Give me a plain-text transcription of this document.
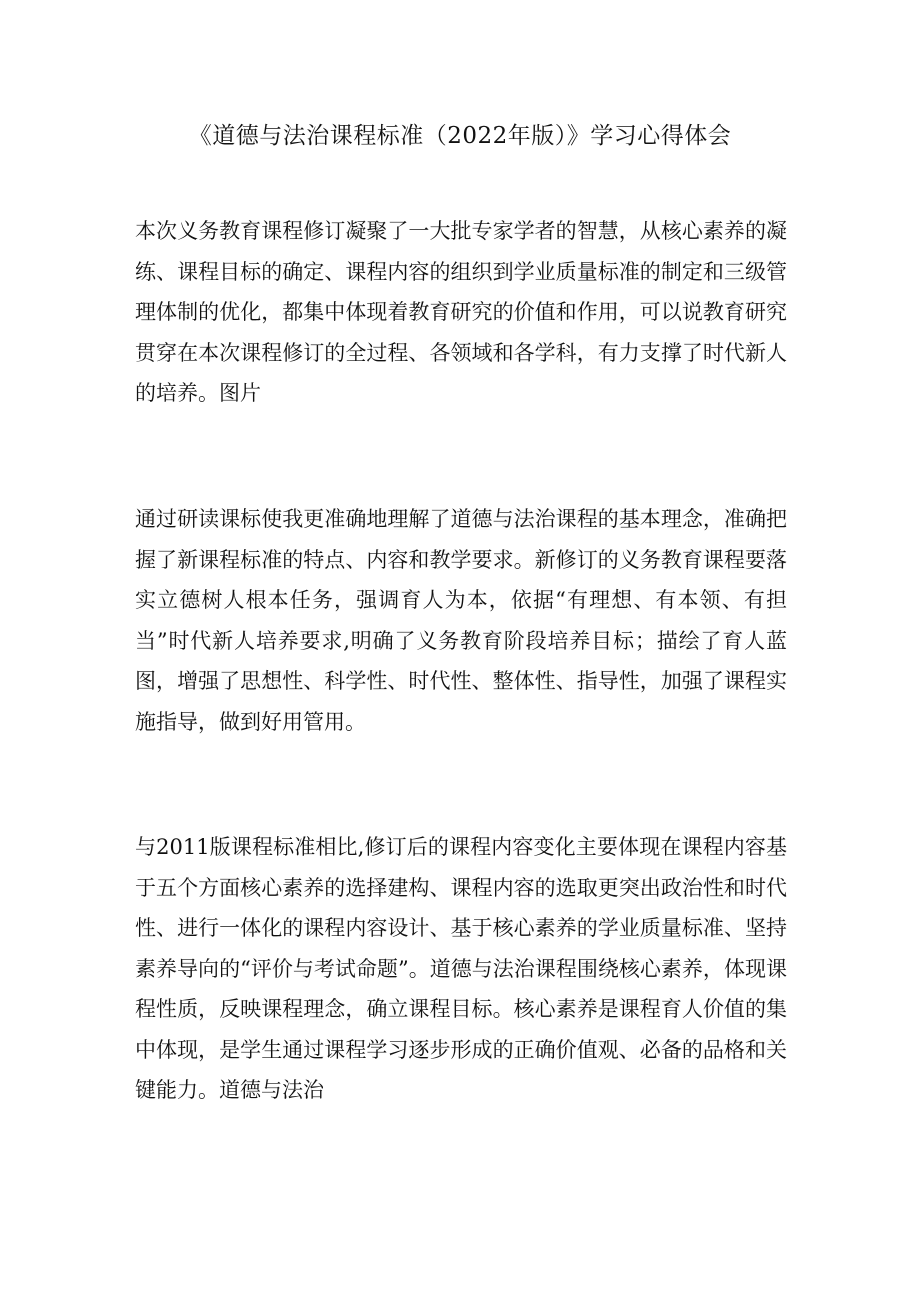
《道德与法治课程标准（2022年版）》学习心得体会

本次义务教育课程修订凝聚了一大批专家学者的智慧，从核心素养的凝练、课程目标的确定、课程内容的组织到学业质量标准的制定和三级管理体制的优化，都集中体现着教育研究的价值和作用，可以说教育研究贯穿在本次课程修订的全过程、各领域和各学科，有力支撑了时代新人的培养。图片

通过研读课标使我更准确地理解了道德与法治课程的基本理念，准确把握了新课程标准的特点、内容和教学要求。新修订的义务教育课程要落实立德树人根本任务，强调育人为本，依据“有理想、有本领、有担当”时代新人培养要求,明确了义务教育阶段培养目标；描绘了育人蓝图，增强了思想性、科学性、时代性、整体性、指导性，加强了课程实施指导，做到好用管用。

与2011版课程标准相比,修订后的课程内容变化主要体现在课程内容基于五个方面核心素养的选择建构、课程内容的选取更突出政治性和时代性、进行一体化的课程内容设计、基于核心素养的学业质量标准、坚持素养导向的“评价与考试命题”。道德与法治课程围绕核心素养，体现课程性质，反映课程理念，确立课程目标。核心素养是课程育人价值的集中体现，是学生通过课程学习逐步形成的正确价值观、必备的品格和关键能力。道德与法治
